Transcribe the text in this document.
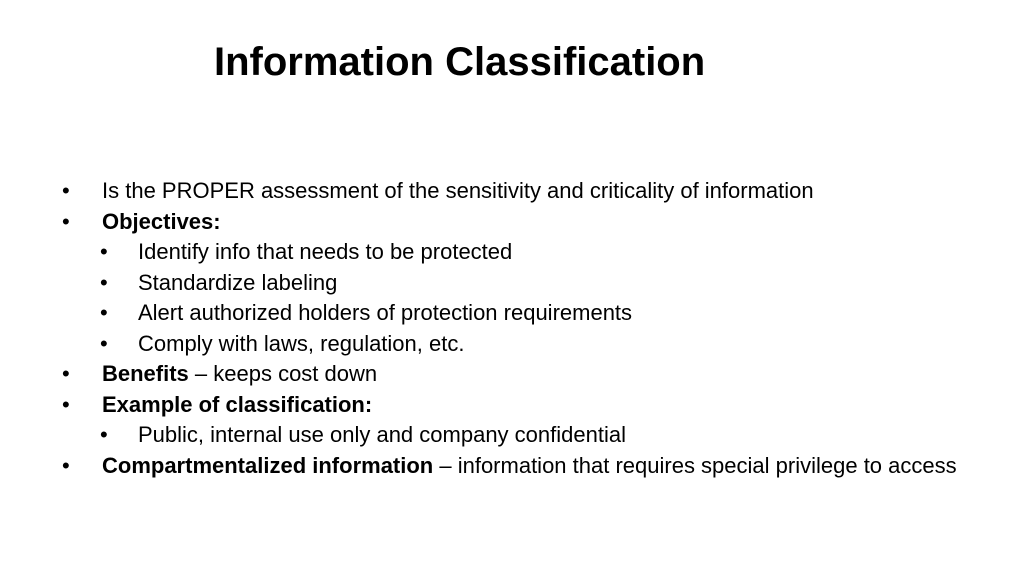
Information Classification
•	Is the PROPER assessment of the sensitivity and criticality of information
•	Objectives:
•	Identify info that needs to be protected
•	Standardize labeling
•	Alert authorized holders of protection requirements
•	Comply with laws, regulation, etc.
•	Benefits – keeps cost down
•	Example of classification:
•	Public, internal use only and company confidential
•	Compartmentalized information – information that requires special privilege to access
